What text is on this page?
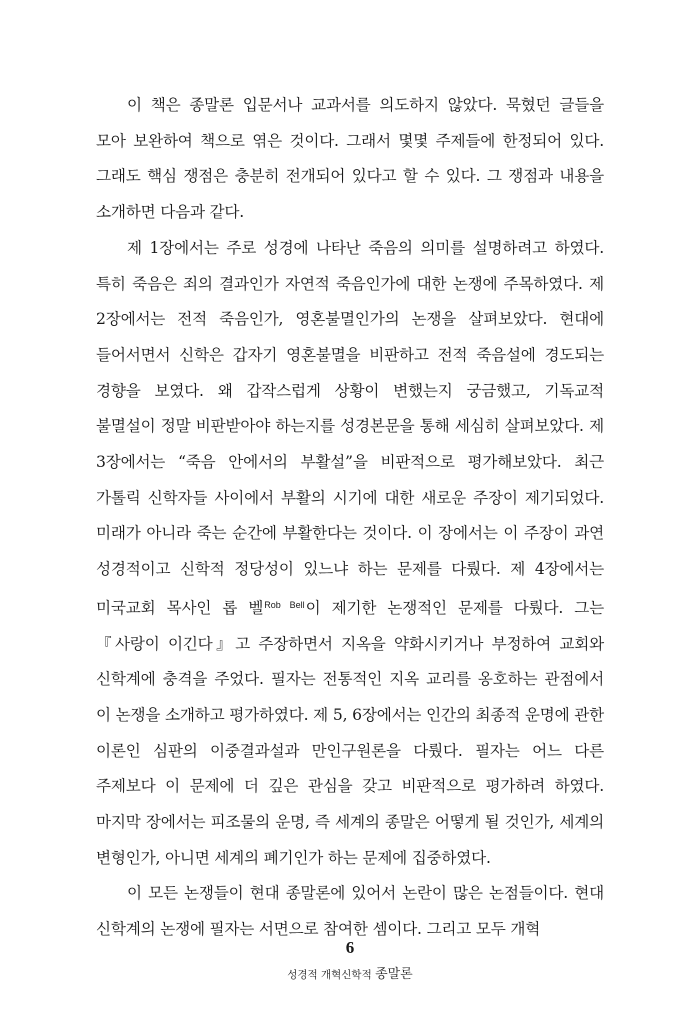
이 책은 종말론 입문서나 교과서를 의도하지 않았다. 묵혔던 글들을 모아 보완하여 책으로 엮은 것이다. 그래서 몇몇 주제들에 한정되어 있다. 그래도 핵심 쟁점은 충분히 전개되어 있다고 할 수 있다. 그 쟁점과 내용을 소개하면 다음과 같다.

제 1장에서는 주로 성경에 나타난 죽음의 의미를 설명하려고 하였다. 특히 죽음은 죄의 결과인가 자연적 죽음인가에 대한 논쟁에 주목하였다. 제 2장에서는 전적 죽음인가, 영혼불멸인가의 논쟁을 살펴보았다. 현대에 들어서면서 신학은 갑자기 영혼불멸을 비판하고 전적 죽음설에 경도되는 경향을 보였다. 왜 갑작스럽게 상황이 변했는지 궁금했고, 기독교적 불멸설이 정말 비판받아야 하는지를 성경본문을 통해 세심히 살펴보았다. 제 3장에서는 “죽음 안에서의 부활설”을 비판적으로 평가해보았다. 최근 가톨릭 신학자들 사이에서 부활의 시기에 대한 새로운 주장이 제기되었다. 미래가 아니라 죽는 순간에 부활한다는 것이다. 이 장에서는 이 주장이 과연 성경적이고 신학적 정당성이 있느냐 하는 문제를 다뤘다. 제 4장에서는 미국교회 목사인 롭 벨$^{Rob Bell}$이 제기한 논쟁적인 문제를 다뤘다. 그는 『사랑이 이긴다』고 주장하면서 지옥을 약화시키거나 부정하여 교회와 신학계에 충격을 주었다. 필자는 전통적인 지옥 교리를 옹호하는 관점에서 이 논쟁을 소개하고 평가하였다. 제 5, 6장에서는 인간의 최종적 운명에 관한 이론인 심판의 이중결과설과 만인구원론을 다뤘다. 필자는 어느 다른 주제보다 이 문제에 더 깊은 관심을 갖고 비판적으로 평가하려 하였다. 마지막 장에서는 피조물의 운명, 즉 세계의 종말은 어떻게 될 것인가, 세계의 변형인가, 아니면 세계의 폐기인가 하는 문제에 집중하였다.

이 모든 논쟁들이 현대 종말론에 있어서 논란이 많은 논점들이다. 현대 신학계의 논쟁에 필자는 서면으로 참여한 셈이다. 그리고 모두 개혁

6
성경적 개혁신학적 종말론
